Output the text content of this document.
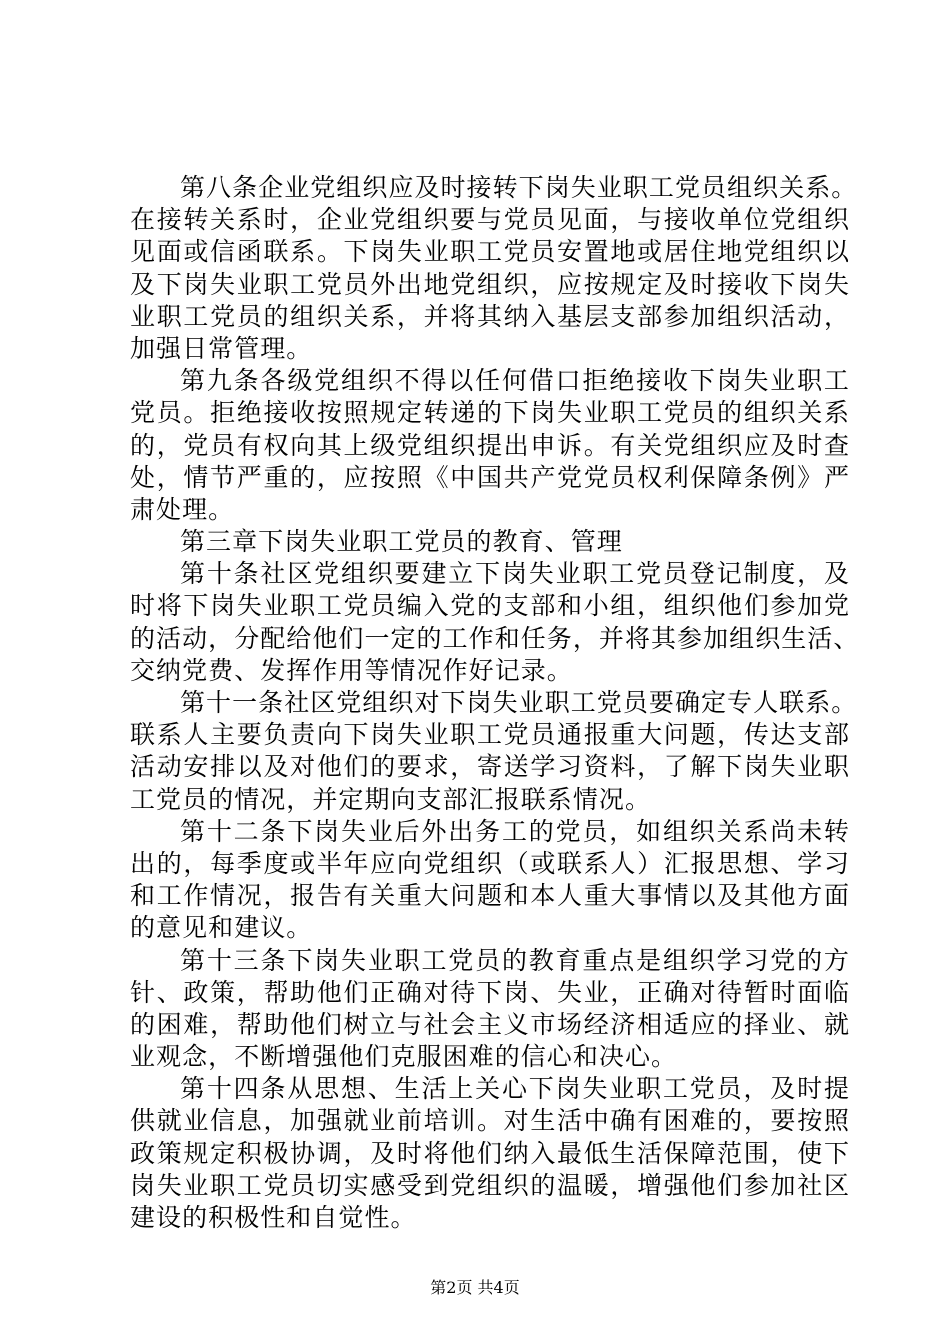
第八条企业党组织应及时接转下岗失业职工党员组织关系。
在接转关系时，企业党组织要与党员见面，与接收单位党组织
见面或信函联系。下岗失业职工党员安置地或居住地党组织以
及下岗失业职工党员外出地党组织，应按规定及时接收下岗失
业职工党员的组织关系，并将其纳入基层支部参加组织活动，
加强日常管理。
第九条各级党组织不得以任何借口拒绝接收下岗失业职工
党员。拒绝接收按照规定转递的下岗失业职工党员的组织关系
的，党员有权向其上级党组织提出申诉。有关党组织应及时查
处，情节严重的，应按照《中国共产党党员权利保障条例》严
肃处理。
第三章下岗失业职工党员的教育、管理
第十条社区党组织要建立下岗失业职工党员登记制度，及
时将下岗失业职工党员编入党的支部和小组，组织他们参加党
的活动，分配给他们一定的工作和任务，并将其参加组织生活、
交纳党费、发挥作用等情况作好记录。
第十一条社区党组织对下岗失业职工党员要确定专人联系。
联系人主要负责向下岗失业职工党员通报重大问题，传达支部
活动安排以及对他们的要求，寄送学习资料，了解下岗失业职
工党员的情况，并定期向支部汇报联系情况。
第十二条下岗失业后外出务工的党员，如组织关系尚未转
出的，每季度或半年应向党组织（或联系人）汇报思想、学习
和工作情况，报告有关重大问题和本人重大事情以及其他方面
的意见和建议。
第十三条下岗失业职工党员的教育重点是组织学习党的方
针、政策，帮助他们正确对待下岗、失业，正确对待暂时面临
的困难，帮助他们树立与社会主义市场经济相适应的择业、就
业观念，不断增强他们克服困难的信心和决心。
第十四条从思想、生活上关心下岗失业职工党员，及时提
供就业信息，加强就业前培训。对生活中确有困难的，要按照
政策规定积极协调，及时将他们纳入最低生活保障范围，使下
岗失业职工党员切实感受到党组织的温暖，增强他们参加社区
建设的积极性和自觉性。
第2页 共4页
